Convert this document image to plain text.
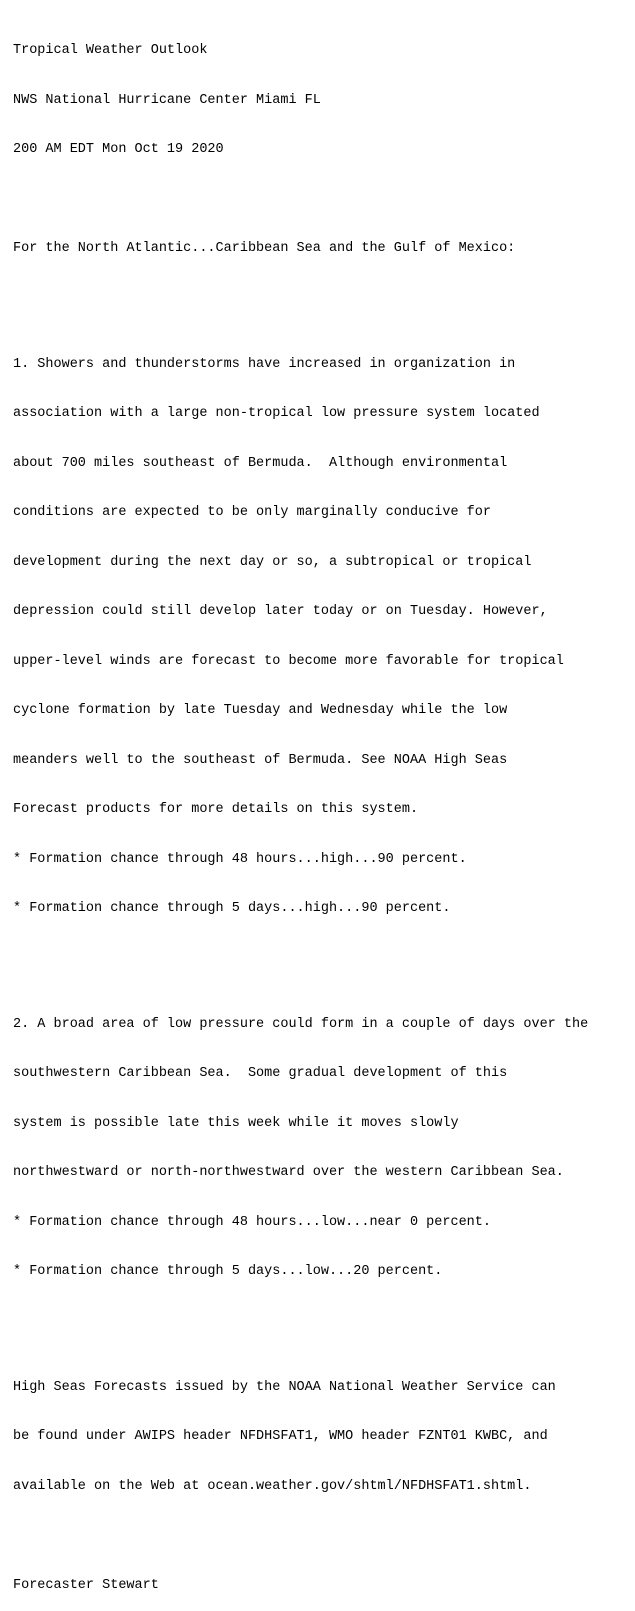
Tropical Weather Outlook

NWS National Hurricane Center Miami FL

200 AM EDT Mon Oct 19 2020

For the North Atlantic...Caribbean Sea and the Gulf of Mexico:

1. Showers and thunderstorms have increased in organization in

association with a large non-tropical low pressure system located

about 700 miles southeast of Bermuda.  Although environmental

conditions are expected to be only marginally conducive for

development during the next day or so, a subtropical or tropical

depression could still develop later today or on Tuesday. However,

upper-level winds are forecast to become more favorable for tropical

cyclone formation by late Tuesday and Wednesday while the low

meanders well to the southeast of Bermuda. See NOAA High Seas

Forecast products for more details on this system.

* Formation chance through 48 hours...high...90 percent.

* Formation chance through 5 days...high...90 percent.

2. A broad area of low pressure could form in a couple of days over the

southwestern Caribbean Sea.  Some gradual development of this

system is possible late this week while it moves slowly

northwestward or north-northwestward over the western Caribbean Sea.

* Formation chance through 48 hours...low...near 0 percent.

* Formation chance through 5 days...low...20 percent.

High Seas Forecasts issued by the NOAA National Weather Service can

be found under AWIPS header NFDHSFAT1, WMO header FZNT01 KWBC, and

available on the Web at ocean.weather.gov/shtml/NFDHSFAT1.shtml.

Forecaster Stewart
